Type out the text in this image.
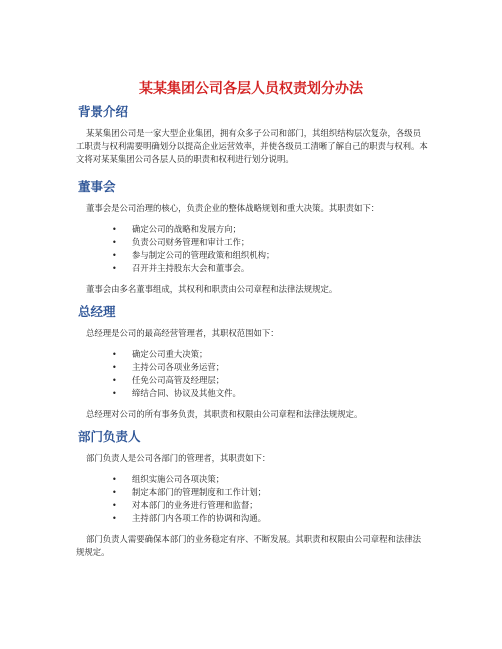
某某集团公司各层人员权责划分办法
背景介绍

某某集团公司是一家大型企业集团，拥有众多子公司和部门，其组织结构层次复杂，各级员工职责与权利需要明确划分以提高企业运营效率，并使各级员工清晰了解自己的职责与权利。本文将对某某集团公司各层人员的职责和权利进行划分说明。

董事会

董事会是公司治理的核心，负责企业的整体战略规划和重大决策。其职责如下：

• 确定公司的战略和发展方向；
• 负责公司财务管理和审计工作；
• 参与制定公司的管理政策和组织机构；
• 召开并主持股东大会和董事会。

董事会由多名董事组成，其权利和职责由公司章程和法律法规规定。

总经理

总经理是公司的最高经营管理者，其职权范围如下：

• 确定公司重大决策；
• 主持公司各项业务运营；
• 任免公司高管及经理层；
• 缔结合同、协议及其他文件。

总经理对公司的所有事务负责，其职责和权限由公司章程和法律法规规定。

部门负责人

部门负责人是公司各部门的管理者，其职责如下：

• 组织实施公司各项决策；
• 制定本部门的管理制度和工作计划；
• 对本部门的业务进行管理和监督；
• 主持部门内各项工作的协调和沟通。

部门负责人需要确保本部门的业务稳定有序、不断发展。其职责和权限由公司章程和法律法规规定。
